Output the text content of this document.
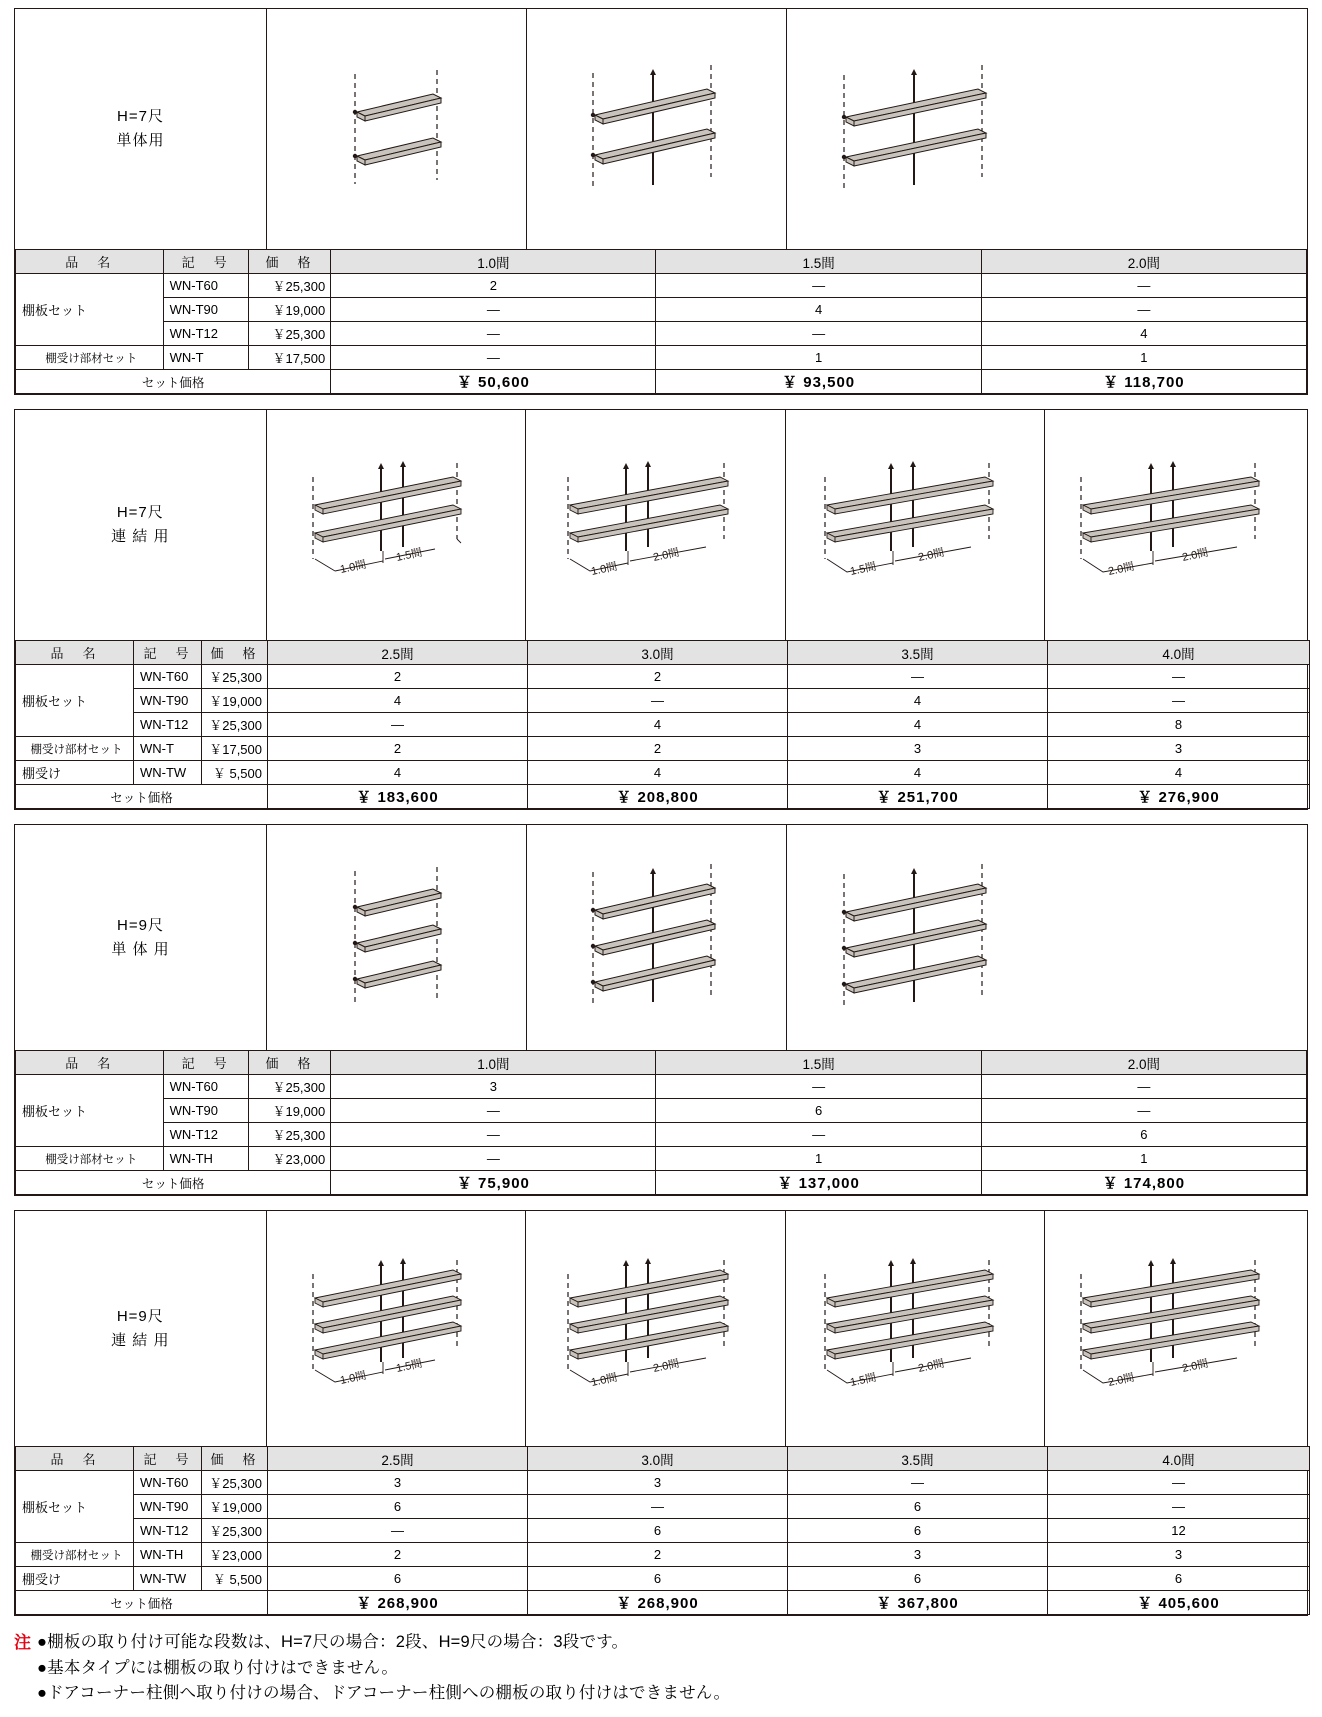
H=7尺
単体用
品　名	記　号	価　格	1.0間	1.5間	2.0間
棚板セット	WN-T60	￥25,300	2	—	—
	WN-T90	￥19,000	—	4	—
	WN-T12	￥25,300	—	—	4
棚受け部材セット	WN-T	￥17,500	—	1	1
セット価格			￥ 50,600	￥ 93,500	￥ 118,700
H=7尺
連 結 用
1.0間
1.5間
1.0間
2.0間
1.5間
2.0間
2.0間
2.0間
品　名	記　号	価　格	2.5間	3.0間	3.5間	4.0間
棚板セット	WN-T60	￥25,300	2	2	—	—
	WN-T90	￥19,000	4	—	4	—
	WN-T12	￥25,300	—	4	4	8
棚受け部材セット	WN-T	￥17,500	2	2	3	3
棚受け	WN-TW	￥ 5,500	4	4	4	4
セット価格			￥ 183,600	￥ 208,800	￥ 251,700	￥ 276,900
H=9尺
単 体 用
品　名	記　号	価　格	1.0間	1.5間	2.0間
棚板セット	WN-T60	￥25,300	3	—	—
	WN-T90	￥19,000	—	6	—
	WN-T12	￥25,300	—	—	6
棚受け部材セット	WN-TH	￥23,000	—	1	1
セット価格			￥ 75,900	￥ 137,000	￥ 174,800
H=9尺
連 結 用
1.0間
1.5間
1.0間
2.0間
1.5間
2.0間
2.0間
2.0間
品　名	記　号	価　格	2.5間	3.0間	3.5間	4.0間
棚板セット	WN-T60	￥25,300	3	3	—	—
	WN-T90	￥19,000	6	—	6	—
	WN-T12	￥25,300	—	6	6	12
棚受け部材セット	WN-TH	￥23,000	2	2	3	3
棚受け	WN-TW	￥ 5,500	6	6	6	6
セット価格			￥ 268,900	￥ 268,900	￥ 367,800	￥ 405,600
注 ●棚板の取り付け可能な段数は、H=7尺の場合：2段、H=9尺の場合：3段です。
●基本タイプには棚板の取り付けはできません。
●ドアコーナー柱側へ取り付けの場合、ドアコーナー柱側への棚板の取り付けはできません。
